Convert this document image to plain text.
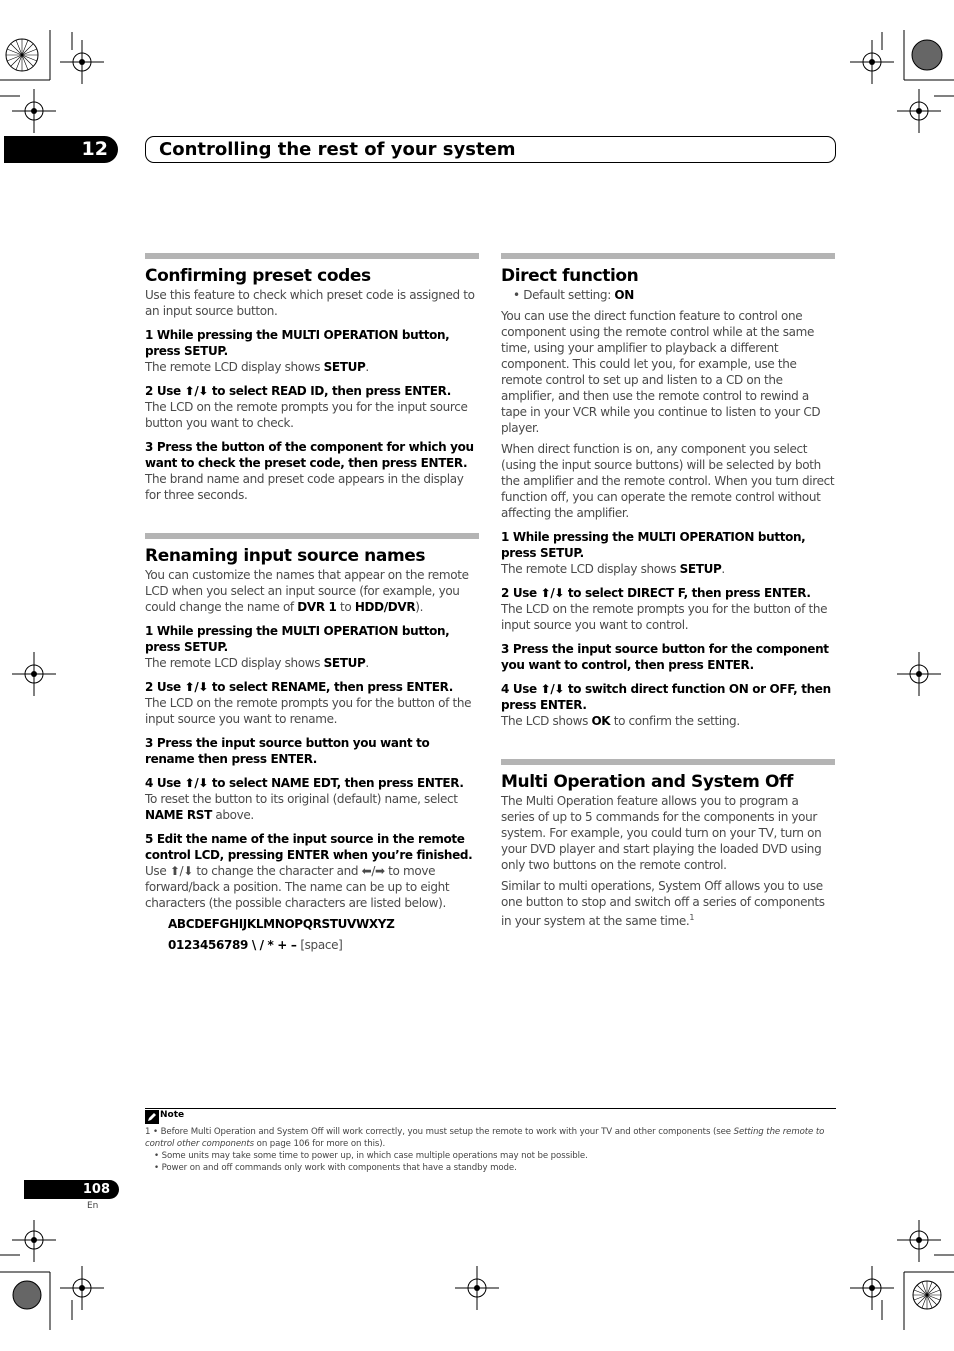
12	Controlling the rest of your system
Confirming preset codes

Use this feature to check which preset code is assigned to an input source button.

1 While pressing the MULTI OPERATION button, press SETUP.

The remote LCD display shows SETUP.

2 Use ⬆/⬇ to select READ ID, then press ENTER.

The LCD on the remote prompts you for the input source button you want to check.

3 Press the button of the component for which you want to check the preset code, then press ENTER.

The brand name and preset code appears in the display for three seconds.

Renaming input source names

You can customize the names that appear on the remote LCD when you select an input source (for example, you could change the name of DVR 1 to HDD/DVR).

1 While pressing the MULTI OPERATION button, press SETUP.

The remote LCD display shows SETUP.

2 Use ⬆/⬇ to select RENAME, then press ENTER.

The LCD on the remote prompts you for the button of the input source you want to rename.

3 Press the input source button you want to rename then press ENTER.

4 Use ⬆/⬇ to select NAME EDT, then press ENTER.

To reset the button to its original (default) name, select NAME RST above.

5 Edit the name of the input source in the remote control LCD, pressing ENTER when you’re finished.

Use ⬆/⬇ to change the character and ⬅/➡ to move forward/back a position. The name can be up to eight characters (the possible characters are listed below).

ABCDEFGHIJKLMNOPQRSTUVWXYZ
0123456789 \ / * + – [space]
Direct function

• Default setting: ON

You can use the direct function feature to control one component using the remote control while at the same time, using your amplifier to playback a different component. This could let you, for example, use the remote control to set up and listen to a CD on the amplifier, and then use the remote control to rewind a tape in your VCR while you continue to listen to your CD player.

When direct function is on, any component you select (using the input source buttons) will be selected by both the amplifier and the remote control. When you turn direct function off, you can operate the remote control without affecting the amplifier.

1 While pressing the MULTI OPERATION button, press SETUP.

The remote LCD display shows SETUP.

2 Use ⬆/⬇ to select DIRECT F, then press ENTER.

The LCD on the remote prompts you for the button of the input source you want to control.

3 Press the input source button for the component you want to control, then press ENTER.

4 Use ⬆/⬇ to switch direct function ON or OFF, then press ENTER.

The LCD shows OK to confirm the setting.

Multi Operation and System Off

The Multi Operation feature allows you to program a series of up to 5 commands for the components in your system. For example, you could turn on your TV, turn on your DVD player and start playing the loaded DVD using only two buttons on the remote control.

Similar to multi operations, System Off allows you to use one button to stop and switch off a series of components in your system at the same time.$^1$

Note
1 • Before Multi Operation and System Off will work correctly, you must setup the remote to work with your TV and other components (see Setting the remote to control other components on page 106 for more on this).
• Some units may take some time to power up, in which case multiple operations may not be possible.
• Power on and off commands only work with components that have a standby mode.
108
En
